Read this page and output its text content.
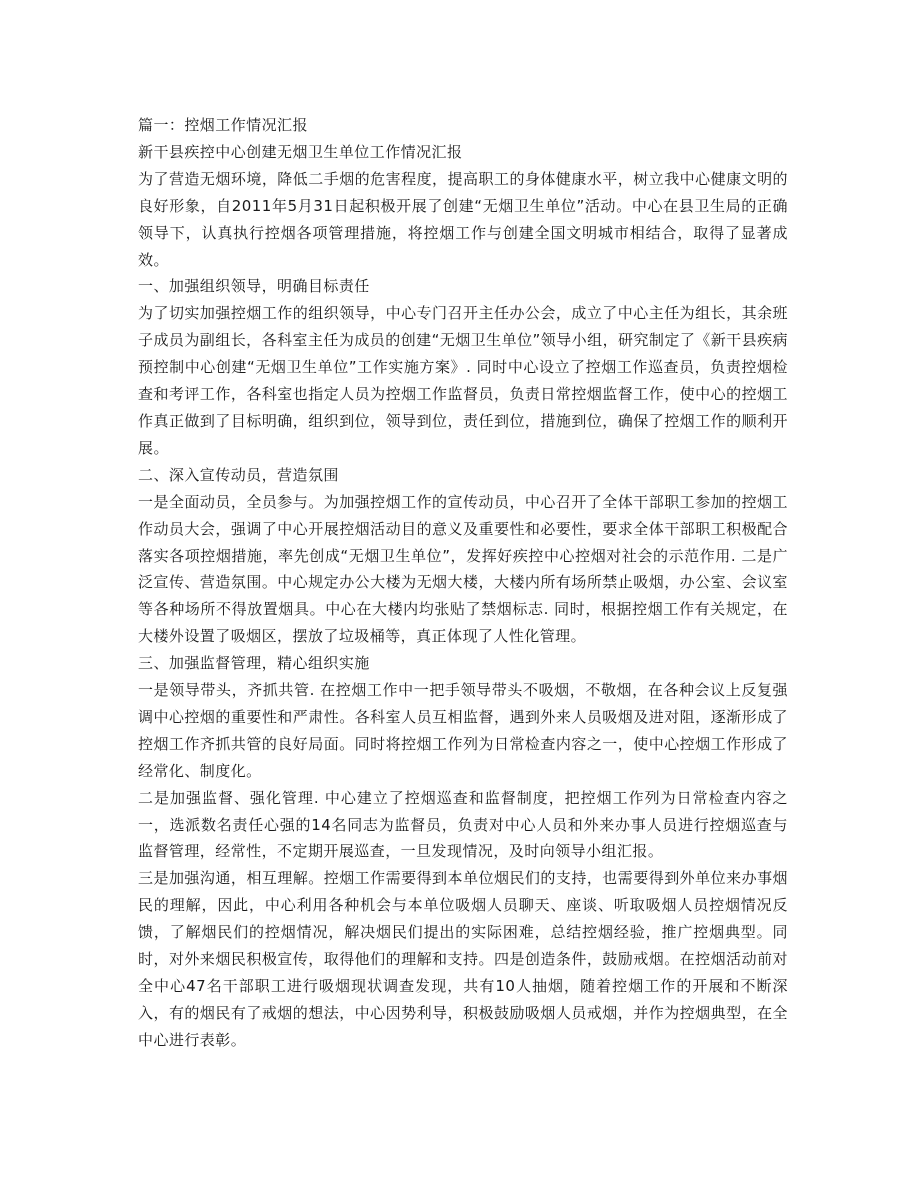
篇一：控烟工作情况汇报

新干县疾控中心创建无烟卫生单位工作情况汇报

为了营造无烟环境，降低二手烟的危害程度，提高职工的身体健康水平，树立我中心健康文明的良好形象，自2011年5月31日起积极开展了创建“无烟卫生单位”活动。中心在县卫生局的正确领导下，认真执行控烟各项管理措施，将控烟工作与创建全国文明城市相结合，取得了显著成效。

一、加强组织领导，明确目标责任

为了切实加强控烟工作的组织领导，中心专门召开主任办公会，成立了中心主任为组长，其余班子成员为副组长，各科室主任为成员的创建“无烟卫生单位”领导小组，研究制定了《新干县疾病预控制中心创建“无烟卫生单位”工作实施方案》. 同时中心设立了控烟工作巡查员，负责控烟检查和考评工作，各科室也指定人员为控烟工作监督员，负责日常控烟监督工作，使中心的控烟工作真正做到了目标明确，组织到位，领导到位，责任到位，措施到位，确保了控烟工作的顺利开展。

二、深入宣传动员，营造氛围

一是全面动员，全员参与。为加强控烟工作的宣传动员，中心召开了全体干部职工参加的控烟工作动员大会，强调了中心开展控烟活动目的意义及重要性和必要性，要求全体干部职工积极配合落实各项控烟措施，率先创成“无烟卫生单位”，发挥好疾控中心控烟对社会的示范作用. 二是广泛宣传、营造氛围。中心规定办公大楼为无烟大楼，大楼内所有场所禁止吸烟，办公室、会议室等各种场所不得放置烟具。中心在大楼内均张贴了禁烟标志. 同时，根据控烟工作有关规定，在大楼外设置了吸烟区，摆放了垃圾桶等，真正体现了人性化管理。

三、加强监督管理，精心组织实施

一是领导带头，齐抓共管. 在控烟工作中一把手领导带头不吸烟，不敬烟，在各种会议上反复强调中心控烟的重要性和严肃性。各科室人员互相监督，遇到外来人员吸烟及进对阻，逐渐形成了控烟工作齐抓共管的良好局面。同时将控烟工作列为日常检查内容之一，使中心控烟工作形成了经常化、制度化。

二是加强监督、强化管理. 中心建立了控烟巡查和监督制度，把控烟工作列为日常检查内容之一，选派数名责任心强的14名同志为监督员，负责对中心人员和外来办事人员进行控烟巡查与监督管理，经常性，不定期开展巡查，一旦发现情况，及时向领导小组汇报。

三是加强沟通，相互理解。控烟工作需要得到本单位烟民们的支持，也需要得到外单位来办事烟民的理解，因此，中心利用各种机会与本单位吸烟人员聊天、座谈、听取吸烟人员控烟情况反馈，了解烟民们的控烟情况，解决烟民们提出的实际困难，总结控烟经验，推广控烟典型。同时，对外来烟民积极宣传，取得他们的理解和支持。四是创造条件，鼓励戒烟。在控烟活动前对全中心47名干部职工进行吸烟现状调查发现，共有10人抽烟，随着控烟工作的开展和不断深入，有的烟民有了戒烟的想法，中心因势利导，积极鼓励吸烟人员戒烟，并作为控烟典型，在全中心进行表彰。
